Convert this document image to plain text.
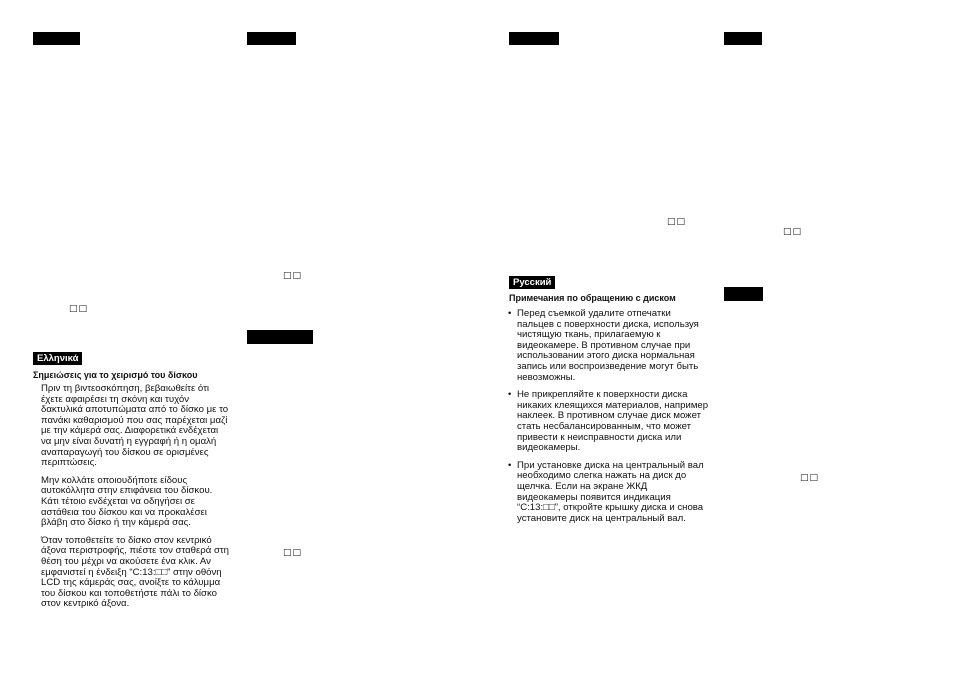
□□
□□
□□
□□
□□
□□
Ελληνικά
Σημειώσεις για το χειρισμό του δίσκου

Πριν τη βιντεοσκόπηση, βεβαιωθείτε ότι έχετε αφαιρέσει τη σκόνη και τυχόν δακτυλικά αποτυπώματα από το δίσκο με το πανάκι καθαρισμού που σας παρέχεται μαζί με την κάμερά σας. Διαφορετικά ενδέχεται να μην είναι δυνατή η εγγραφή ή η ομαλή αναπαραγωγή του δίσκου σε ορισμένες περιπτώσεις.

Μην κολλάτε οποιουδήποτε είδους αυτοκόλλητα στην επιφάνεια του δίσκου. Κάτι τέτοιο ενδέχεται να οδηγήσει σε αστάθεια του δίσκου και να προκαλέσει βλάβη στο δίσκο ή την κάμερά σας.

Όταν τοποθετείτε το δίσκο στον κεντρικό άξονα περιστροφής, πιέστε τον σταθερά στη θέση του μέχρι να ακούσετε ένα κλικ. Αν εμφανιστεί η ένδειξη “C:13:□□” στην οθόνη LCD της κάμεράς σας, ανοίξτε το κάλυμμα του δίσκου και τοποθετήστε πάλι το δίσκο στον κεντρικό άξονα.

Русский
Примечания по обращению с диском
• Перед съемкой удалите отпечатки пальцев с поверхности диска, используя чистящую ткань, прилагаемую к видеокамере. В противном случае при использовании этого диска нормальная запись или воспроизведение могут быть невозможны.
• Не прикрепляйте к поверхности диска никаких клеящихся материалов, например наклеек. В противном случае диск может стать несбалансированным, что может привести к неисправности диска или видеокамеры.
• При установке диска на центральный вал необходимо слегка нажать на диск до щелчка. Если на экране ЖКД видеокамеры появится индикация “C:13:□□”, откройте крышку диска и снова установите диск на центральный вал.
